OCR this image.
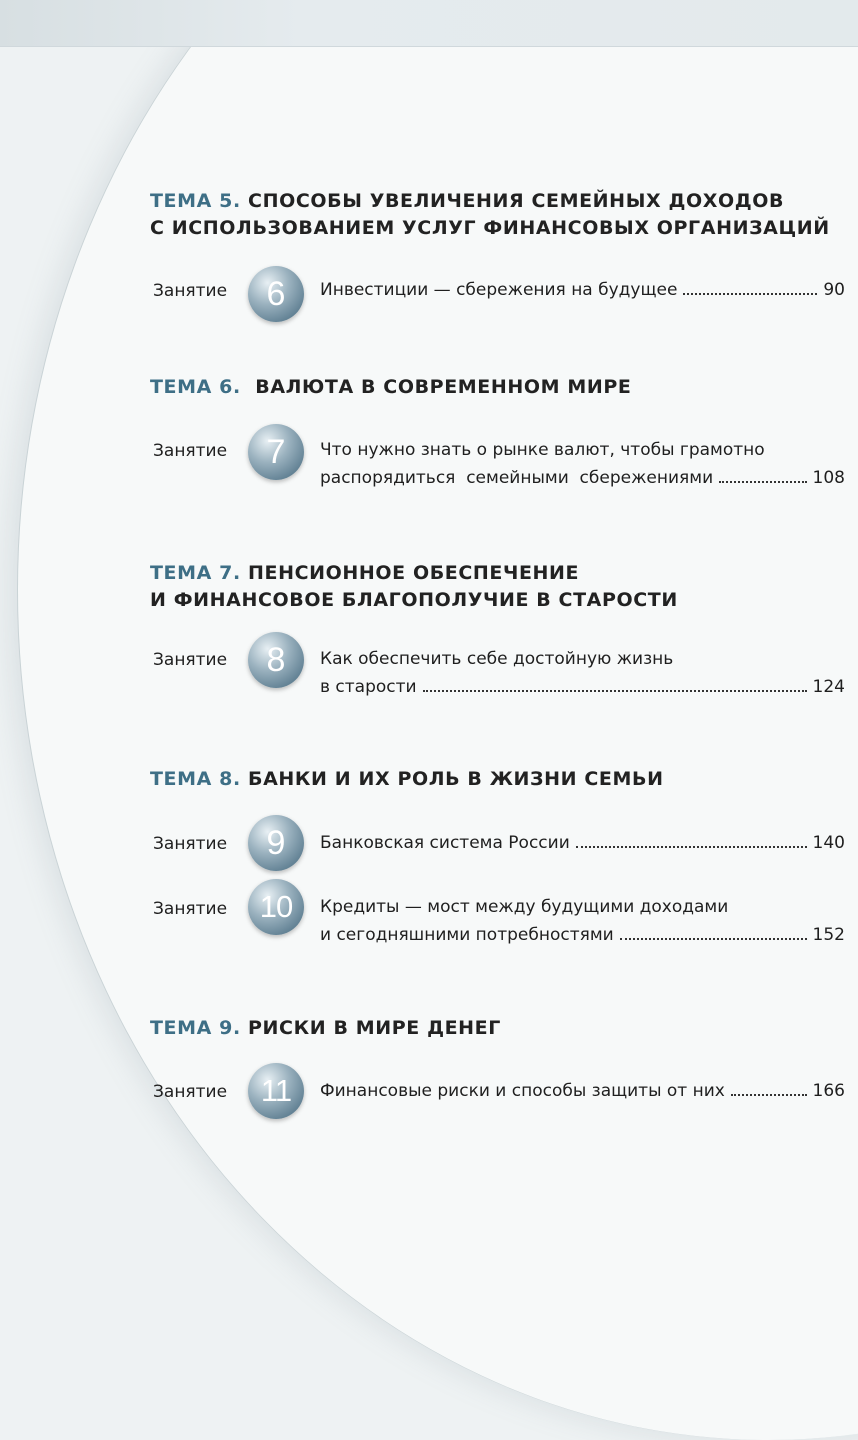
ТЕМА 5. СПОСОБЫ УВЕЛИЧЕНИЯ СЕМЕЙНЫХ ДОХОДОВ
С ИСПОЛЬЗОВАНИЕМ УСЛУГ ФИНАНСОВЫХ ОРГАНИЗАЦИЙ
Занятие	6	Инвестиции — сбережения на будущее	90
ТЕМА 6.  ВАЛЮТА В СОВРЕМЕННОМ МИРЕ
Занятие	7	Что нужно знать о рынке валют, чтобы грамотно
распорядиться  семейными  сбережениями	108
ТЕМА 7. ПЕНСИОННОЕ ОБЕСПЕЧЕНИЕ
И ФИНАНСОВОЕ БЛАГОПОЛУЧИЕ В СТАРОСТИ
Занятие	8	Как обеспечить себе достойную жизнь
в старости	124
ТЕМА 8. БАНКИ И ИХ РОЛЬ В ЖИЗНИ СЕМЬИ
Занятие	9	Банковская система России	140
Занятие	10	Кредиты — мост между будущими доходами
и сегодняшними потребностями	152
ТЕМА 9. РИСКИ В МИРЕ ДЕНЕГ
Занятие	11	Финансовые риски и способы защиты от них	166
